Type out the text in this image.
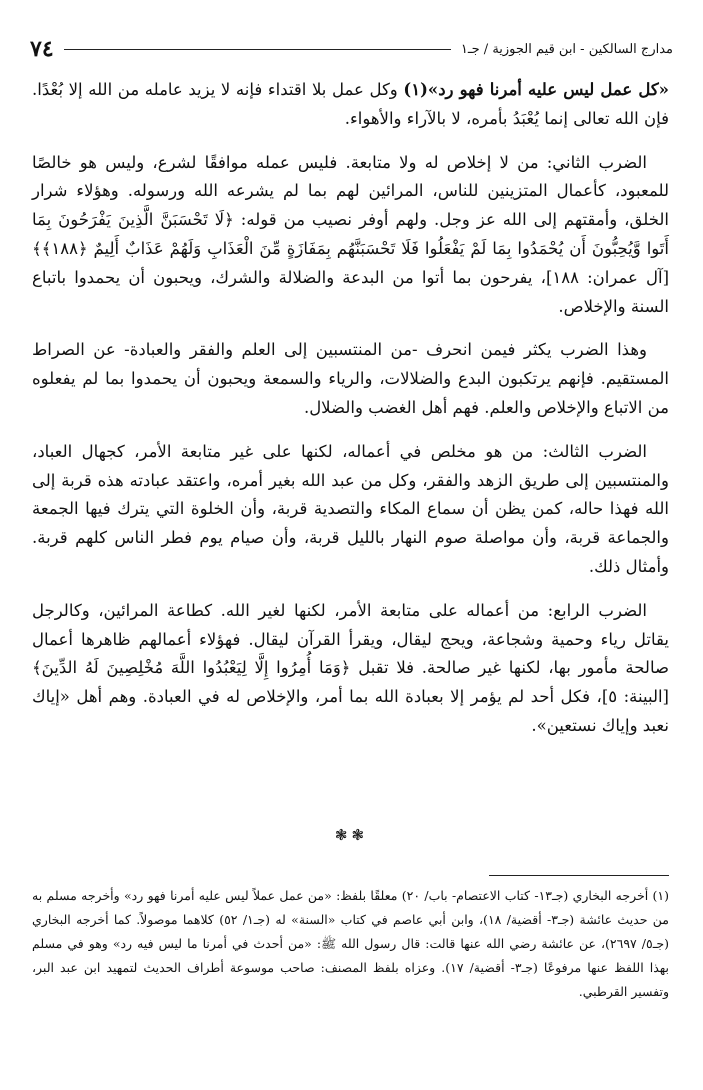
٧٤	مدارج السالكين - ابن قيم الجوزية / جـ١

«كل عمل ليس عليه أمرنا فهو رد»(١) وكل عمل بلا اقتداء فإنه لا يزيد عامله من الله إلا بُعْدًا. فإن الله تعالى إنما يُعْبَدُ بأمره، لا بالآراء والأهواء.

الضرب الثاني: من لا إخلاص له ولا متابعة. فليس عمله موافقًا لشرع، وليس هو خالصًا للمعبود، كأعمال المتزينين للناس، المرائين لهم بما لم يشرعه الله ورسوله. وهؤلاء شرار الخلق، وأمقتهم إلى الله عز وجل. ولهم أوفر نصيب من قوله: ﴿لَا تَحْسَبَنَّ الَّذِينَ يَفْرَحُونَ بِمَا أَتَوا وَّيُحِبُّونَ أَن يُحْمَدُوا بِمَا لَمْ يَفْعَلُوا فَلَا تَحْسَبَنَّهُم بِمَفَازَةٍ مِّنَ الْعَذَابِ وَلَهُمْ عَذَابٌ أَلِيمٌ ﴿١٨٨﴾﴾ [آل عمران: ١٨٨]، يفرحون بما أتوا من البدعة والضلالة والشرك، ويحبون أن يحمدوا باتباع السنة والإخلاص.

وهذا الضرب يكثر فيمن انحرف -من المنتسبين إلى العلم والفقر والعبادة- عن الصراط المستقيم. فإنهم يرتكبون البدع والضلالات، والرياء والسمعة ويحبون أن يحمدوا بما لم يفعلوه من الاتباع والإخلاص والعلم. فهم أهل الغضب والضلال.

الضرب الثالث: من هو مخلص في أعماله، لكنها على غير متابعة الأمر، كجهال العباد، والمنتسبين إلى طريق الزهد والفقر، وكل من عبد الله بغير أمره، واعتقد عبادته هذه قربة إلى الله فهذا حاله، كمن يظن أن سماع المكاء والتصدية قربة، وأن الخلوة التي يترك فيها الجمعة والجماعة قربة، وأن مواصلة صوم النهار بالليل قربة، وأن صيام يوم فطر الناس كلهم قربة. وأمثال ذلك.

الضرب الرابع: من أعماله على متابعة الأمر، لكنها لغير الله. كطاعة المرائين، وكالرجل يقاتل رياء وحمية وشجاعة، ويحج ليقال، ويقرأ القرآن ليقال. فهؤلاء أعمالهم ظاهرها أعمال صالحة مأمور بها، لكنها غير صالحة. فلا تقبل ﴿وَمَا أُمِرُوا إِلَّا لِيَعْبُدُوا اللَّهَ مُخْلِصِينَ لَهُ الدِّينَ﴾ [البينة: ٥]، فكل أحد لم يؤمر إلا بعبادة الله بما أمر، والإخلاص له في العبادة. وهم أهل «إياك نعبد وإياك نستعين».

❃❃

(١) أخرجه البخاري (جـ١٣- كتاب الاعتصام- باب/ ٢٠) معلقًا بلفظ: «من عمل عملاً ليس عليه أمرنا فهو رد» وأخرجه مسلم به من حديث عائشة (جـ٣- أقضية/ ١٨)، وابن أبي عاصم في كتاب «السنة» له (جـ١/ ٥٢) كلاهما موصولاً. كما أخرجه البخاري (جـ٥/ ٢٦٩٧)، عن عائشة رضي الله عنها قالت: قال رسول الله ﷺ: «من أحدث في أمرنا ما ليس فيه رد» وهو في مسلم بهذا اللفظ عنها مرفوعًا (جـ٣- أقضية/ ١٧). وعزاه بلفظ المصنف: صاحب موسوعة أطراف الحديث لتمهيد ابن عبد البر، وتفسير القرطبي.
